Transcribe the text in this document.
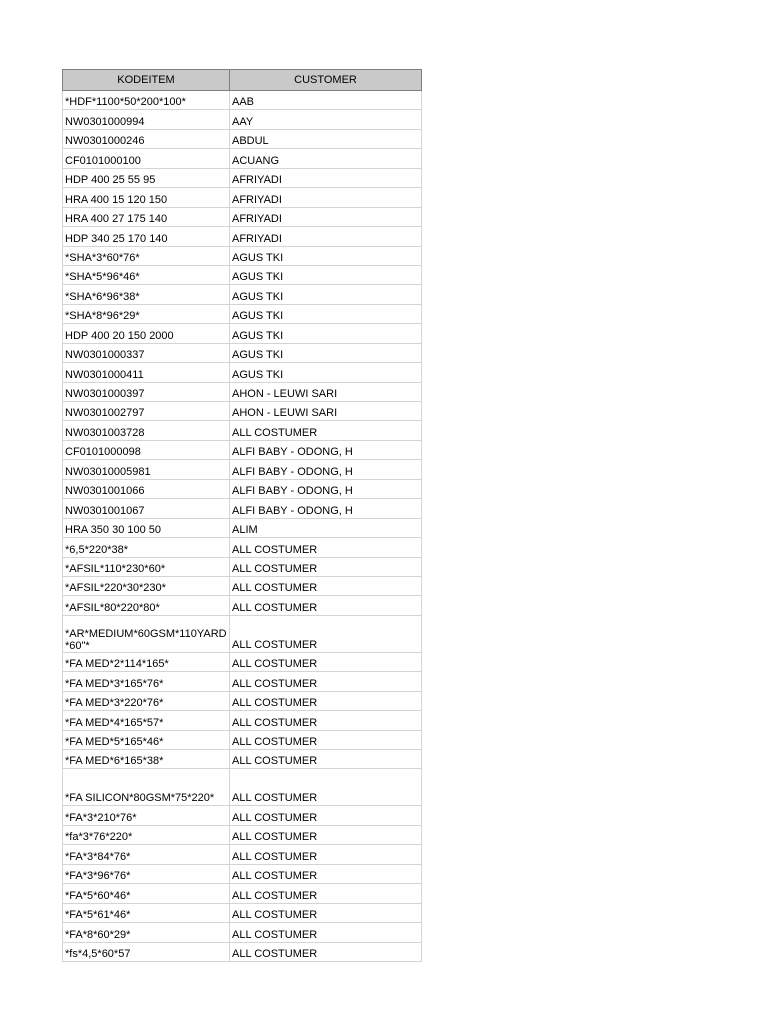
KODEITEM	CUSTOMER
*HDF*1100*50*200*100*	AAB
NW0301000994	AAY
NW0301000246	ABDUL
CF0101000100	ACUANG
HDP 400 25 55 95	AFRIYADI
HRA 400 15 120 150	AFRIYADI
HRA 400 27 175 140	AFRIYADI
HDP 340 25 170 140	AFRIYADI
*SHA*3*60*76*	AGUS TKI
*SHA*5*96*46*	AGUS TKI
*SHA*6*96*38*	AGUS TKI
*SHA*8*96*29*	AGUS TKI
HDP 400 20 150 2000	AGUS TKI
NW0301000337	AGUS TKI
NW0301000411	AGUS TKI
NW0301000397	AHON - LEUWI SARI
NW0301002797	AHON - LEUWI SARI
NW0301003728	ALL COSTUMER
CF0101000098	ALFI BABY - ODONG, H
NW03010005981	ALFI BABY - ODONG, H
NW0301001066	ALFI BABY - ODONG, H
NW0301001067	ALFI BABY - ODONG, H
HRA 350 30 100 50	ALIM
*6,5*220*38*	ALL COSTUMER
*AFSIL*110*230*60*	ALL COSTUMER
*AFSIL*220*30*230*	ALL COSTUMER
*AFSIL*80*220*80*	ALL COSTUMER
*AR*MEDIUM*60GSM*110YARD*60"*	ALL COSTUMER
*FA MED*2*114*165*	ALL COSTUMER
*FA MED*3*165*76*	ALL COSTUMER
*FA MED*3*220*76*	ALL COSTUMER
*FA MED*4*165*57*	ALL COSTUMER
*FA MED*5*165*46*	ALL COSTUMER
*FA MED*6*165*38*	ALL COSTUMER
*FA SILICON*80GSM*75*220*	ALL COSTUMER
*FA*3*210*76*	ALL COSTUMER
*fa*3*76*220*	ALL COSTUMER
*FA*3*84*76*	ALL COSTUMER
*FA*3*96*76*	ALL COSTUMER
*FA*5*60*46*	ALL COSTUMER
*FA*5*61*46*	ALL COSTUMER
*FA*8*60*29*	ALL COSTUMER
*fs*4,5*60*57	ALL COSTUMER
